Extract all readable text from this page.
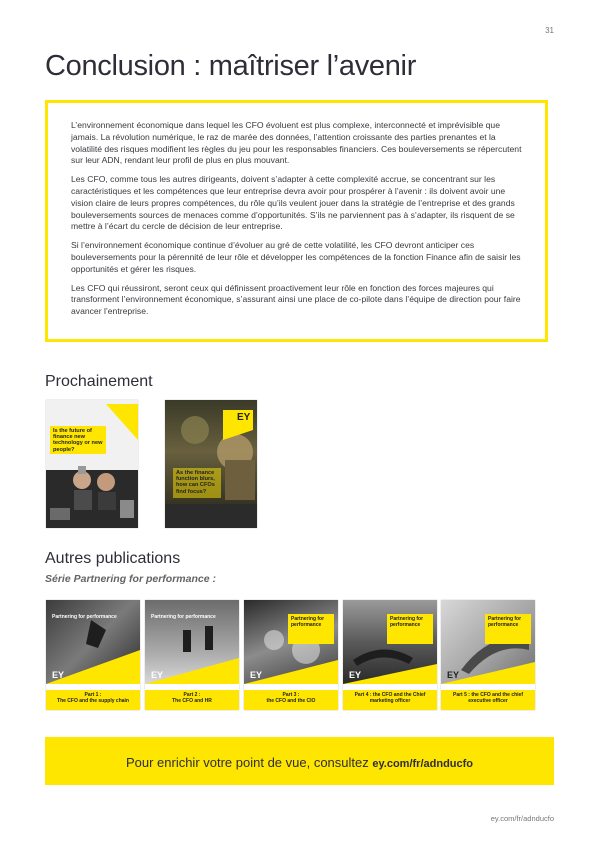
31
Conclusion : maîtriser l’avenir

L’environnement économique dans lequel les CFO évoluent est plus complexe, interconnecté et imprévisible que jamais. La révolution numérique, le raz de marée des données, l’attention croissante des parties prenantes et la volatilité des risques modifient les règles du jeu pour les responsables financiers. Ces bouleversements se répercutent sur leur ADN, rendant leur profil de plus en plus mouvant.

Les CFO, comme tous les autres dirigeants, doivent s’adapter à cette complexité accrue, se concentrant sur les caractéristiques et les compétences que leur entreprise devra avoir pour prospérer à l’avenir : ils doivent avoir une vision claire de leurs propres compétences, du rôle qu’ils veulent jouer dans la stratégie de l’entreprise et des grands bouleversements sources de menaces comme d’opportunités. S’ils ne parviennent pas à s’adapter, ils risquent de se mettre à l’écart du cercle de décision de leur entreprise.

Si l’environnement économique continue d’évoluer au gré de cette volatilité, les CFO devront anticiper ces bouleversements pour la pérennité de leur rôle et développer les compétences de la fonction Finance afin de saisir les opportunités et gérer les risques.

Les CFO qui réussiront, seront ceux qui définissent proactivement leur rôle en fonction des forces majeures qui transforment l’environnement économique, s’assurant ainsi une place de co-pilote dans l’équipe de direction pour faire avancer l’entreprise.

Prochainement
Is the future of finance new technology or new people?
EY
As the finance function blurs, how can CFOs find focus?
Autres publications
Série Partnering for performance :
Partnering for performance
EY
Part 1 :
The CFO and the supply chain
Partnering for performance
EY
Part 2 :
The CFO and HR
Partnering for performance
EY
Part 3 :
the CFO and the CIO
Partnering for performance
EY
Part 4 : the CFO and the Chief
marketing officer
Partnering for performance
EY
Part 5 : the CFO and the chief
executive officer
Pour enrichir votre point de vue, consultez ey.com/fr/adnducfo
ey.com/fr/adnducfo
